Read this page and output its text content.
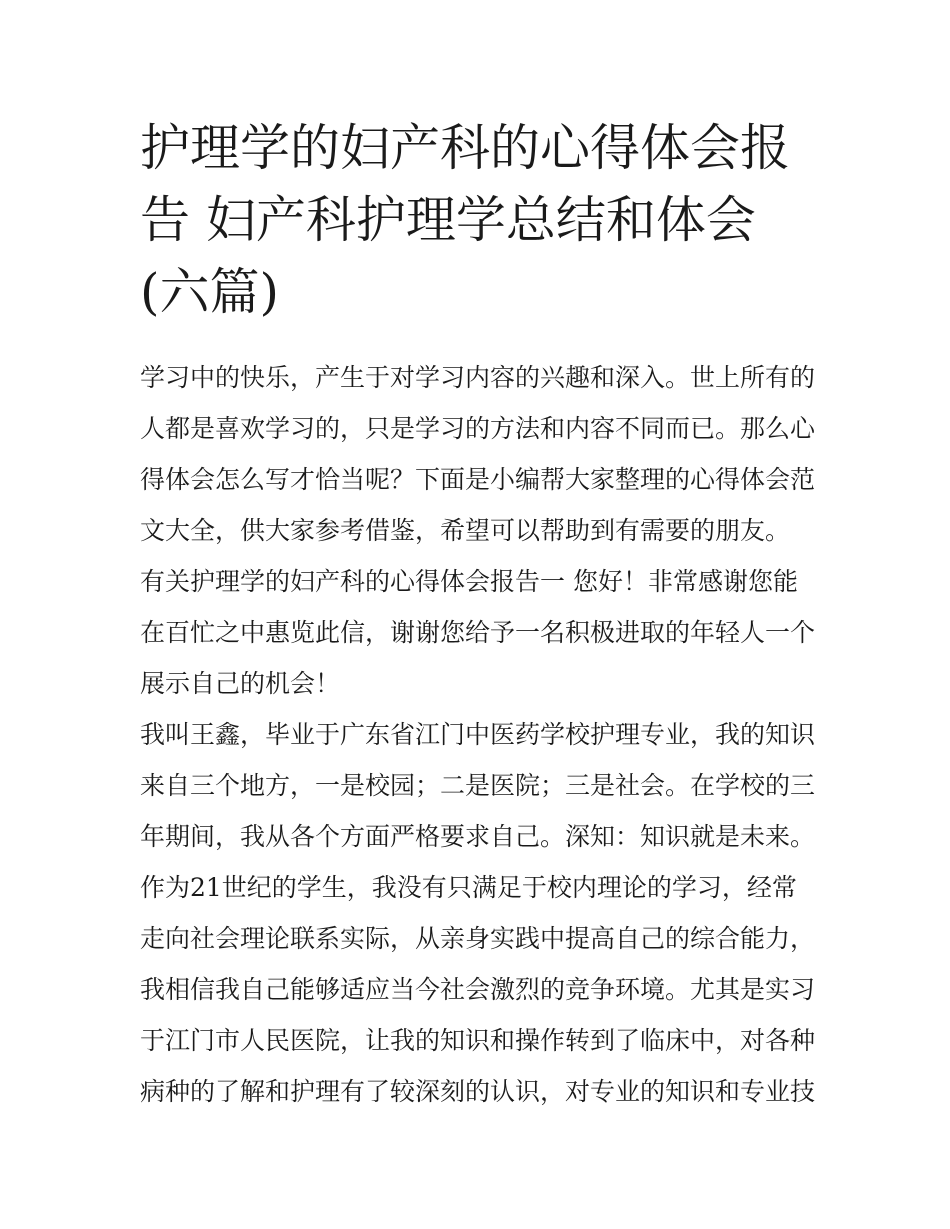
护理学的妇产科的心得体会报
告 妇产科护理学总结和体会
(六篇)
学习中的快乐，产生于对学习内容的兴趣和深入。世上所有的
人都是喜欢学习的，只是学习的方法和内容不同而已。那么心
得体会怎么写才恰当呢？下面是小编帮大家整理的心得体会范
文大全，供大家参考借鉴，希望可以帮助到有需要的朋友。
有关护理学的妇产科的心得体会报告一 您好！非常感谢您能
在百忙之中惠览此信，谢谢您给予一名积极进取的年轻人一个
展示自己的机会！
我叫王鑫，毕业于广东省江门中医药学校护理专业，我的知识
来自三个地方，一是校园；二是医院；三是社会。在学校的三
年期间，我从各个方面严格要求自己。深知：知识就是未来。
作为21世纪的学生，我没有只满足于校内理论的学习，经常
走向社会理论联系实际，从亲身实践中提高自己的综合能力，
我相信我自己能够适应当今社会激烈的竞争环境。尤其是实习
于江门市人民医院，让我的知识和操作转到了临床中，对各种
病种的了解和护理有了较深刻的认识，对专业的知识和专业技
